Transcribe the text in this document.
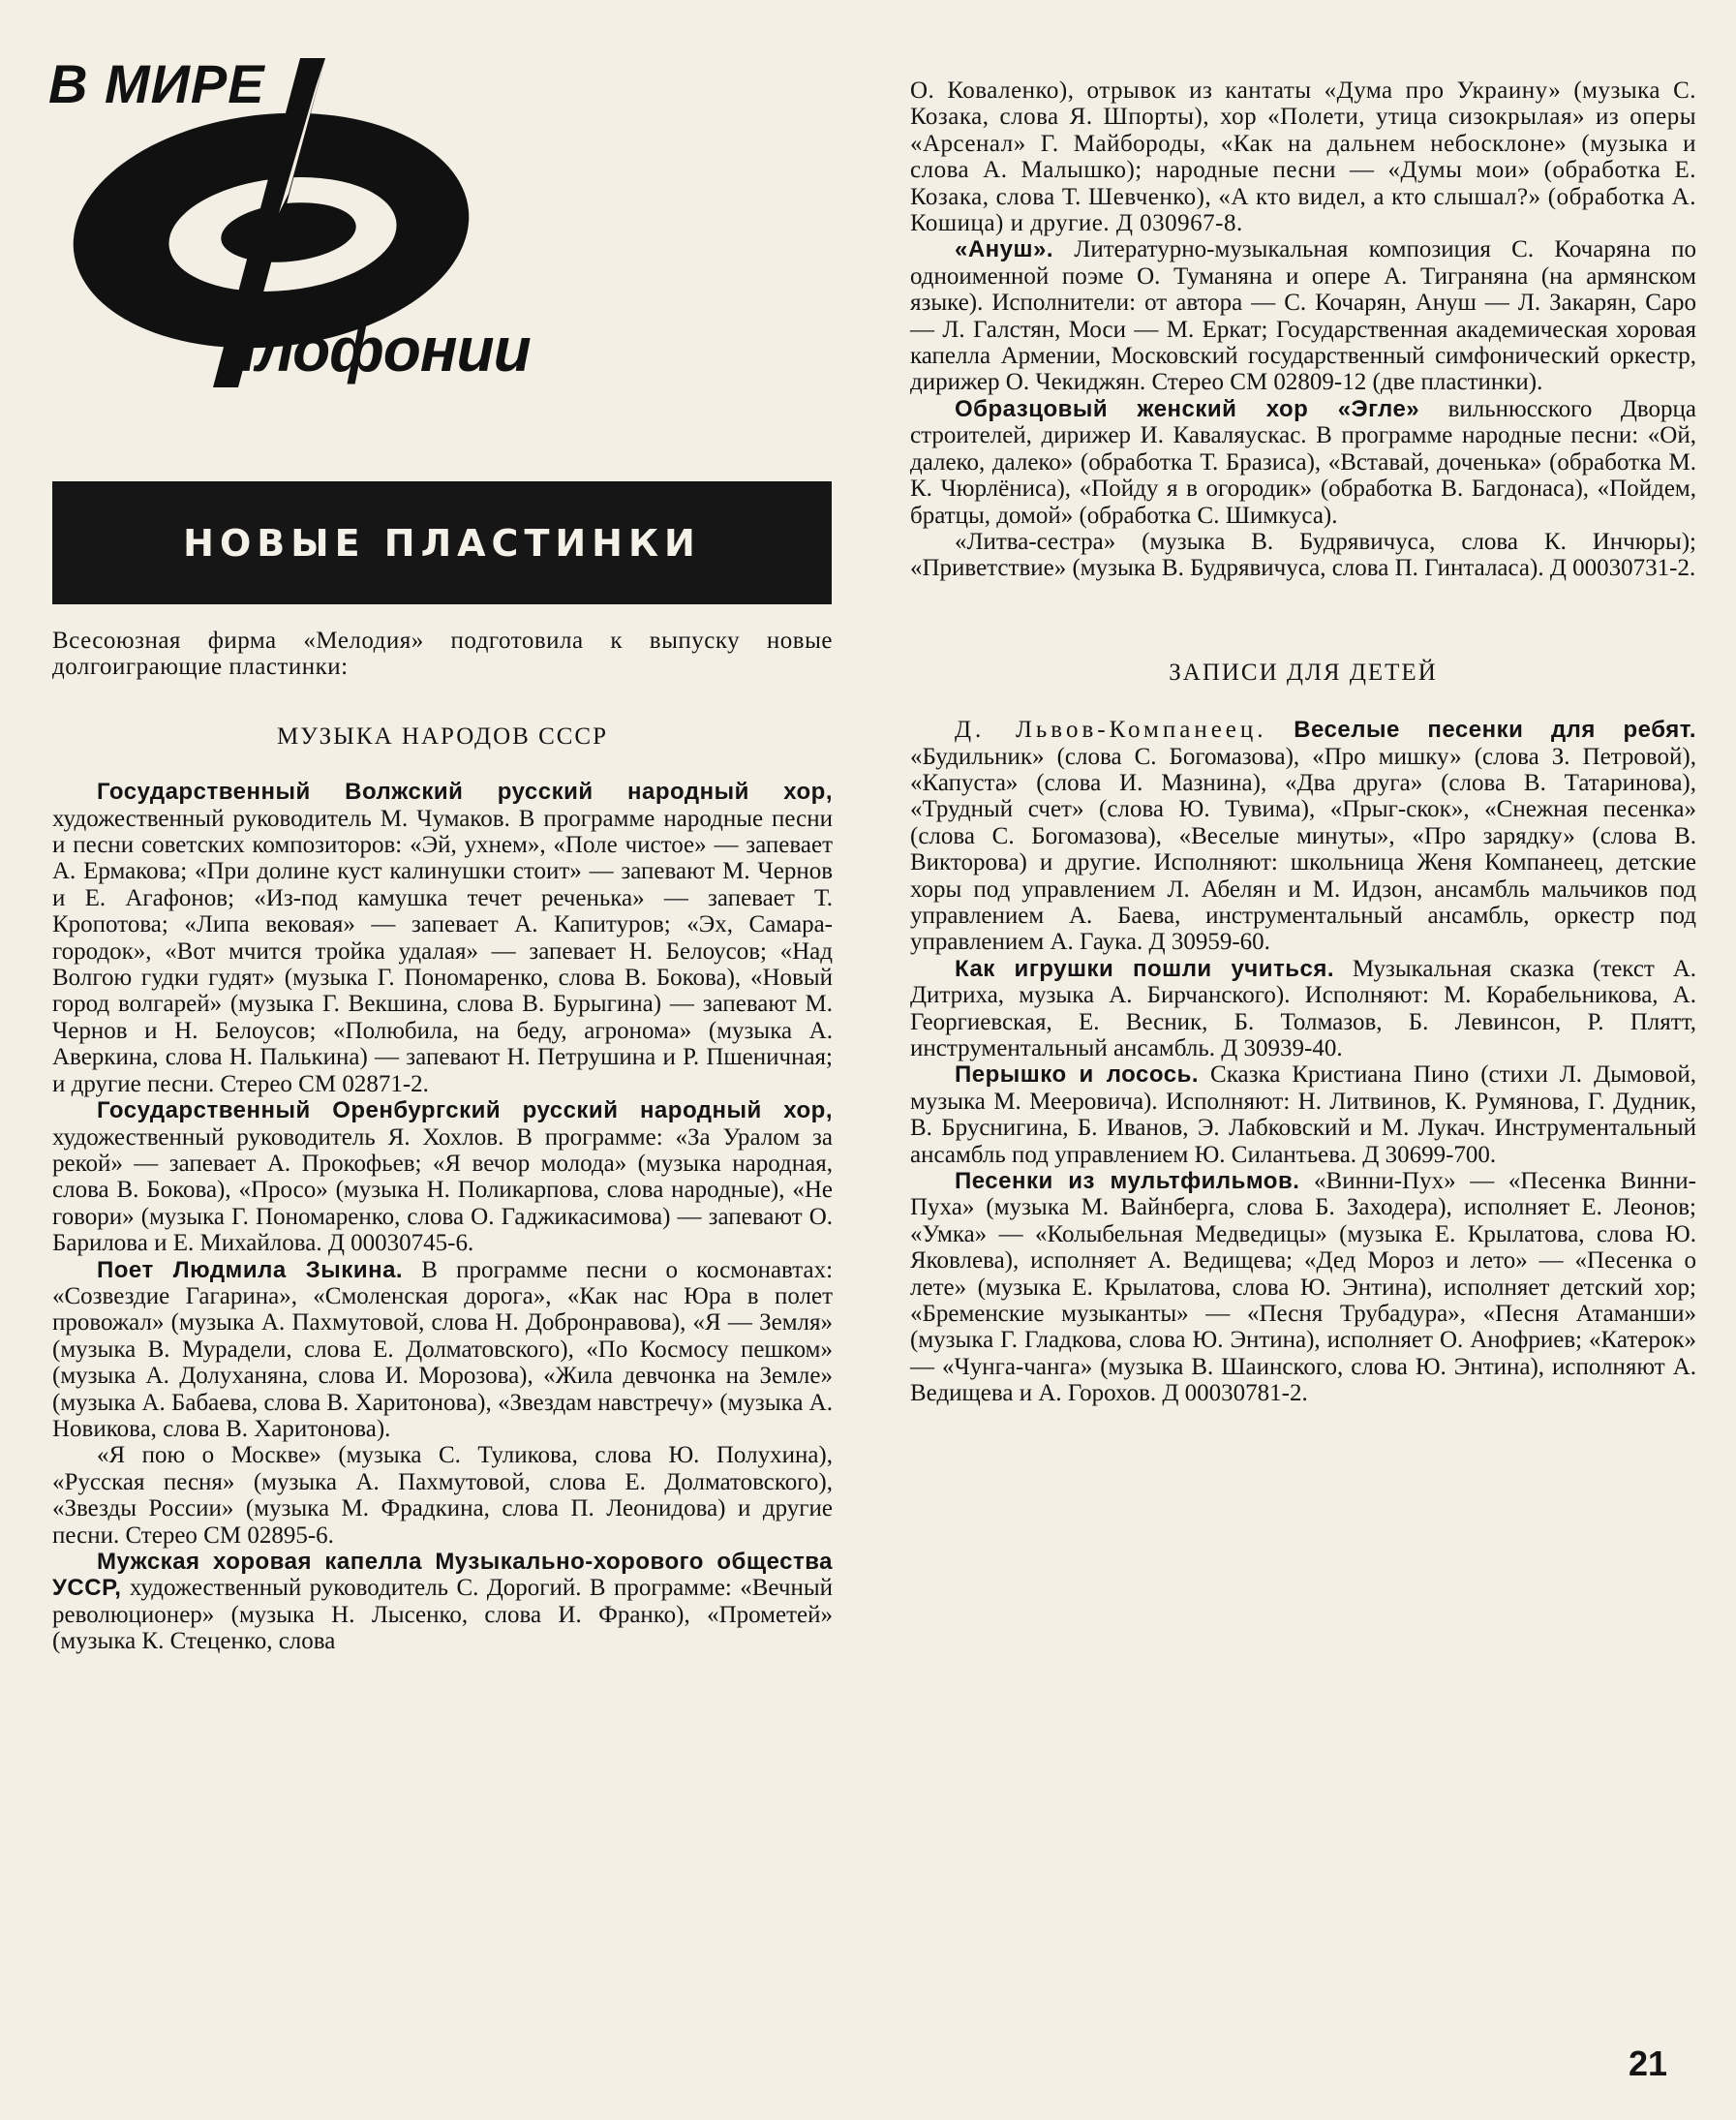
В МИРЕ
илофонии
НОВЫЕ ПЛАСТИНКИ

Всесоюзная фирма «Мелодия» подготовила к выпуску новые долгоиграющие пластинки:

МУЗЫКА НАРОДОВ СССР

Государственный Волжский русский народный хор, художественный руководитель М. Чумаков. В программе народные песни и песни советских композиторов: «Эй, ухнем», «Поле чистое» — запевает А. Ермакова; «При долине куст калинушки стоит» — запевают М. Чернов и Е. Агафонов; «Из-под камушка течет реченька» — запевает Т. Кропотова; «Липа вековая» — запевает А. Капитуров; «Эх, Самара-городок», «Вот мчится тройка удалая» — запевает Н. Белоусов; «Над Волгою гудки гудят» (музыка Г. Пономаренко, слова В. Бокова), «Новый город волгарей» (музыка Г. Векшина, слова В. Бурыгина) — запевают М. Чернов и Н. Белоусов; «Полюбила, на беду, агронома» (музыка А. Аверкина, слова Н. Палькина) — запевают Н. Петрушина и Р. Пшеничная; и другие песни. Стерео СМ 02871-2.

Государственный Оренбургский русский народный хор, художественный руководитель Я. Хохлов. В программе: «За Уралом за рекой» — запевает А. Прокофьев; «Я вечор молода» (музыка народная, слова В. Бокова), «Просо» (музыка Н. Поликарпова, слова народные), «Не говори» (музыка Г. Пономаренко, слова О. Гаджикасимова) — запевают О. Барилова и Е. Михайлова. Д 00030745-6.

Поет Людмила Зыкина. В программе песни о космонавтах: «Созвездие Гагарина», «Смоленская дорога», «Как нас Юра в полет провожал» (музыка А. Пахмутовой, слова Н. Добронравова), «Я — Земля» (музыка В. Мурадели, слова Е. Долматовского), «По Космосу пешком» (музыка А. Долуханяна, слова И. Морозова), «Жила девчонка на Земле» (музыка А. Бабаева, слова В. Харитонова), «Звездам навстречу» (музыка А. Новикова, слова В. Харитонова).

«Я пою о Москве» (музыка С. Туликова, слова Ю. Полухина), «Русская песня» (музыка А. Пахмутовой, слова Е. Долматовского), «Звезды России» (музыка М. Фрадкина, слова П. Леонидова) и другие песни. Стерео СМ 02895-6.

Мужская хоровая капелла Музыкально-хорового общества УССР, художественный руководитель С. Дорогий. В программе: «Вечный революционер» (музыка Н. Лысенко, слова И. Франко), «Прометей» (музыка К. Стеценко, слова

О. Коваленко), отрывок из кантаты «Дума про Украину» (музыка С. Козака, слова Я. Шпорты), хор «Полети, утица сизокрылая» из оперы «Арсенал» Г. Майбороды, «Как на дальнем небосклоне» (музыка и слова А. Малышко); народные песни — «Думы мои» (обработка Е. Козака, слова Т. Шевченко), «А кто видел, а кто слышал?» (обработка А. Кошица) и другие. Д 030967-8.

«Ануш». Литературно-музыкальная композиция С. Кочаряна по одноименной поэме О. Туманяна и опере А. Тиграняна (на армянском языке). Исполнители: от автора — С. Кочарян, Ануш — Л. Закарян, Саро — Л. Галстян, Моси — М. Еркат; Государственная академическая хоровая капелла Армении, Московский государственный симфонический оркестр, дирижер О. Чекиджян. Стерео СМ 02809-12 (две пластинки).

Образцовый женский хор «Эгле» вильнюсского Дворца строителей, дирижер И. Каваляускас. В программе народные песни: «Ой, далеко, далеко» (обработка Т. Бразиса), «Вставай, доченька» (обработка М. К. Чюрлёниса), «Пойду я в огородик» (обработка В. Багдонаса), «Пойдем, братцы, домой» (обработка С. Шимкуса).

«Литва-сестра» (музыка В. Будрявичуса, слова К. Инчюры); «Приветствие» (музыка В. Будрявичуса, слова П. Гинталаса). Д 00030731-2.

ЗАПИСИ ДЛЯ ДЕТЕЙ

Д. Львов-Компанеец. Веселые песенки для ребят. «Будильник» (слова С. Богомазова), «Про мишку» (слова З. Петровой), «Капуста» (слова И. Мазнина), «Два друга» (слова В. Татаринова), «Трудный счет» (слова Ю. Тувима), «Прыг-скок», «Снежная песенка» (слова С. Богомазова), «Веселые минуты», «Про зарядку» (слова В. Викторова) и другие. Исполняют: школьница Женя Компанеец, детские хоры под управлением Л. Абелян и М. Идзон, ансамбль мальчиков под управлением А. Баева, инструментальный ансамбль, оркестр под управлением А. Гаука. Д 30959-60.

Как игрушки пошли учиться. Музыкальная сказка (текст А. Дитриха, музыка А. Бирчанского). Исполняют: М. Корабельникова, А. Георгиевская, Е. Весник, Б. Толмазов, Б. Левинсон, Р. Плятт, инструментальный ансамбль. Д 30939-40.

Перышко и лосось. Сказка Кристиана Пино (стихи Л. Дымовой, музыка М. Мееровича). Исполняют: Н. Литвинов, К. Румянова, Г. Дудник, В. Бруснигина, Б. Иванов, Э. Лабковский и М. Лукач. Инструментальный ансамбль под управлением Ю. Силантьева. Д 30699-700.

Песенки из мультфильмов. «Винни-Пух» — «Песенка Винни-Пуха» (музыка М. Вайнберга, слова Б. Заходера), исполняет Е. Леонов; «Умка» — «Колыбельная Медведицы» (музыка Е. Крылатова, слова Ю. Яковлева), исполняет А. Ведищева; «Дед Мороз и лето» — «Песенка о лете» (музыка Е. Крылатова, слова Ю. Энтина), исполняет детский хор; «Бременские музыканты» — «Песня Трубадура», «Песня Атаманши» (музыка Г. Гладкова, слова Ю. Энтина), исполняет О. Анофриев; «Катерок» — «Чунга-чанга» (музыка В. Шаинского, слова Ю. Энтина), исполняют А. Ведищева и А. Горохов. Д 00030781-2.

21
